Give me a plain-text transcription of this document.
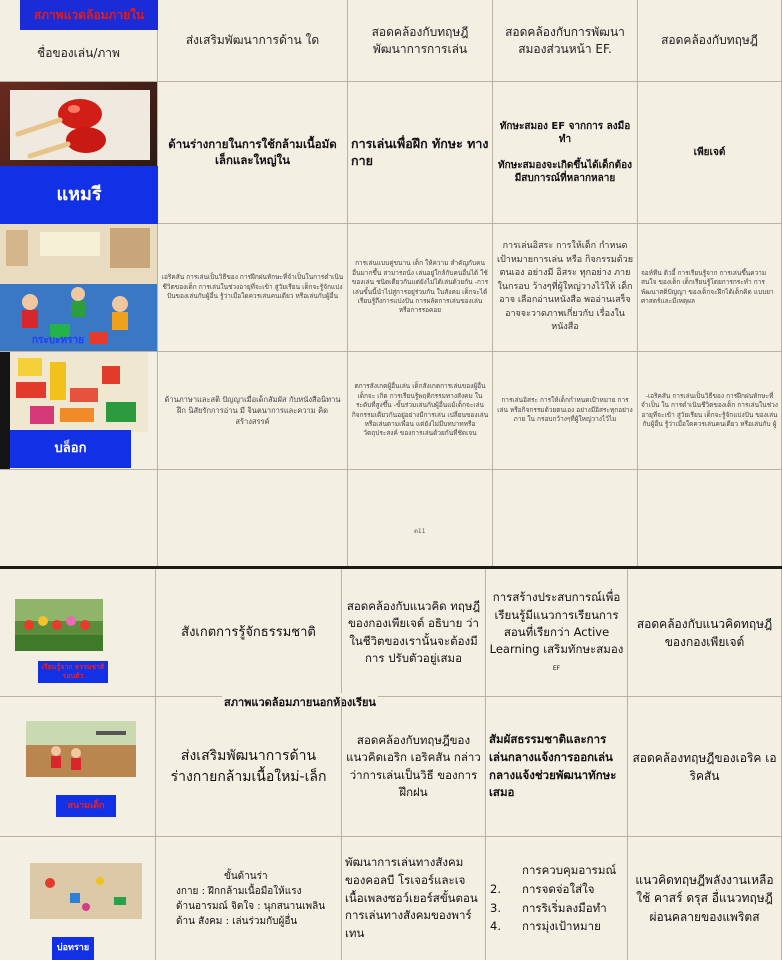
ชื่อของเล่น/ภาพ
สภาพแวดล้อมภายใน
ส่งเสริมพัฒนาการด้าน ใด
สอดคล้องกับทฤษฎี พัฒนาการการเล่น
สอดคล้องกับการพัฒนา สมองส่วนหน้า EF.
สอดคล้องกับทฤษฎี
แหมรี
ด้านร่างกายในการใช้กล้ามเนื้อมัดเล็กและใหญ่ใน
การเล่นเพื่อฝึก ทักษะ ทางกาย
ทักษะสมอง EF จากการ ลงมือทำ
ทักษะสมองจะเกิดขึ้นได้เด็กต้องมีสบการณ์ที่หลากหลาย
เพียเจต์
กระบะทราย
เอริคสัน การเล่นเป็นวิธีของ การฝึกฝนทักษะที่จำเป็นในการดำเนินชีวิตของเด็ก การเล่นในช่วงอายุที่จะเข้า สู่วัยเรียน เด็กจะรู้จักแบ่งปันของเล่นกับผู้อื่น รู้ว่าเมื่อใดควรเล่นคนเดียว หรือเล่นกับผู้อื่น
การเล่นแบบคู่ขนาน เด็ก ให้ความ สำคัญกับคนอื่นมากขึ้น สามารถนั่ง เล่นอยู่ใกล้กับคนอื่นได้ ใช้ของเล่น ชนิดเดียวกันแต่ยังไม่ได้เล่นด้วยกัน -การเล่นขั้นนี้นำไปสู่การอยู่ร่วมกัน ในสังคม เด็กจะได้เรียนรู้ถึงการแบ่งปัน การผลัดการเล่นของเล่น หรือการรอคอย
การเล่นอิสระ การให้เด็ก กำหนดเป้าหมายการเล่น หรือ กิจกรรมด้วยตนเอง อย่างมี อิสระ ทุกอย่าง ภาย ในกรอบ ว้างๆที่ผู้ใหญ่วางไว้ให้ เด็กอาจ เลือกอ่านหนังสือ พออ่านเสร็จ อาจจะวาดภาพเกี่ยวกับ เรื่องใน หนังสือ
จอห์ทีน ดิวอี้ การเรียนรู้จาก การเล่นขึ้นความสนใจ ของเด็ก เด็กเรียนรู้โดยการกระทำ การพัฒนาสติปัญญา ของเด็กจะฝึกได้เด็กคิด แบบยาศาสตร์และมีเหตุผล
บล็อก
ด้านภาษาและสติ ปัญญาเมื่อเด็กสัมผัส กับหนังสือนิทาน ฝึก นิสัยรักการอ่าน มี จินตนาการและความ คิดสร้างสรรค์
ตการสังเกตผู้อื่นเล่น เด็กสังเกตการเล่นของผู้อื่นเด็กจะ เกิด การเรียนรู้พฤติกรรมทางสังคม ในระดับที่สูงขึ้น -ขั้นร่วมเล่นกับผู้อื่นแม้เด็กจะเล่น กิจกรรมเดียวกันอยู่อย่างมีการเล่น เปลี่ยนของเล่นหรือเล่นตามเพื่อน แต่ยังไม่มีบทบาทหรือวัตถุประสงค์ ของการเล่นด้วยกันที่ชัดเจน
การเล่นอิสระ การให้เด็กกำหนดเป้าหมาย การ เล่น หรือกิจกรรมด้วยตนเอง อย่างมีอิสระทุกอย่างภาย ใน กรอบกว้างๆที่ผู้ใหญ่วางไว้ไม
-เอริคสัน การเล่นเป็นวิธีของ การฝึกฝนทักษะที่จำเป็น ใน การดำเนินชีวิตของเด็ก การเล่นในช่วงอายุที่จะเข้า สู่วัยเรียน เด็กจะรู้จักแบ่งปัน ของเล่นกับผู้อื่น รู้ว่าเมื่อใดควรเล่นคนเดียว หรือเล่นกับ ผู้
ต11
เรียนรู้จาก ธรรมชาติรอบตัว
สังเกตการรู้จักธรรมชาติ
สอดคล้องกับแนวคิด ทฤษฎี ของกองเพียเจต์ อธิบาย ว่า ในชีวิตของเรานั้นจะต้องมี การ ปรับตัวอยู่เสมอ
การสร้างประสบการณ์เพื่อเรียนรู้มีแนวการเรียนการสอนที่เรียกว่า Active Learning เสริมทักษะสมอง EF
สอดคล้องกับแนวคิดทฤษฎีของกองเพียเจต์
สภาพแวดล้อมภายนอกห้องเรียน
สนามเด็ก
ส่งเสริมพัฒนาการด้าน ร่างกายกล้ามเนื้อใหม่-เล็ก
สอดคล้องกับทฤษฎีของ แนวคิดเอริก เอริคสัน กล่าวว่าการเล่นเป็นวิธี ของการฝึกฝน
สัมผัสธรรมชาติและการเล่นกลางแจ้งการออกเล่นกลางแจ้งช่วยพัฒนาทักษะเสมอ
สอดคล้องทฤษฎีของเอริค เอริคสัน
บ่อทราย
ขั้นด้านร่า
งกาย : ฝึกกล้ามเนื้อมือให้แรง
ด้านอารมณ์ จิตใจ : นุกสนานเพลิน
ด้าน สังคม : เล่นร่วมกับผู้อื่น
พัฒนาการเล่นทางสังคมของคอลบี โรเจอร์และเจเนื้อเพลงซอว์เยอร์สขั้นตอนการเล่นทางสังคมของพาร์เทน
การควบคุมอารมณ์
2. การจดจ่อใส่ใจ
3. การริเริ่มลงมือทำ
4. การมุ่งเป้าหมาย
แนวคิดทฤษฎีพลังงานเหลือใช้ คาสร์ ดรุส อื่แนวทฤษฎีผ่อนคลายของแพริตส
